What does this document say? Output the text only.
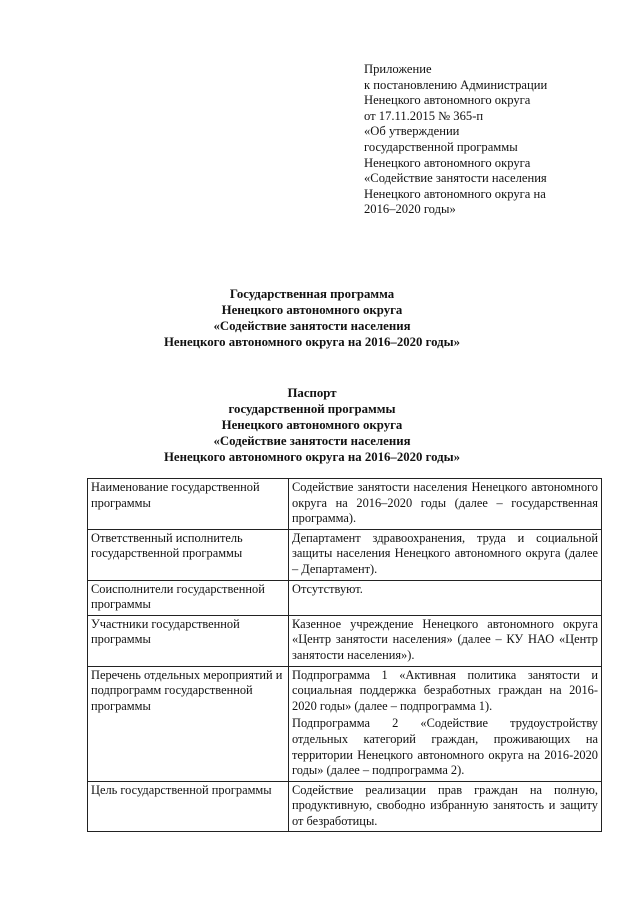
Приложение
к постановлению Администрации
Ненецкого автономного округа
от 17.11.2015 № 365-п
«Об утверждении
государственной программы
Ненецкого автономного округа
«Содействие занятости населения
Ненецкого автономного округа на
2016–2020 годы»
Государственная программа
Ненецкого автономного округа
«Содействие занятости населения
Ненецкого автономного округа на 2016–2020 годы»
Паспорт
государственной программы
Ненецкого автономного округа
«Содействие занятости населения
Ненецкого автономного округа на 2016–2020 годы»
Наименование государственной программы	Содействие занятости населения Ненецкого автономного округа на 2016–2020 годы (далее – государственная программа).

Ответственный исполнитель государственной программы	Департамент здравоохранения, труда и социальной защиты населения Ненецкого автономного округа (далее – Департамент).

Соисполнители государственной программы	Отсутствуют.

Участники государственной программы	Казенное учреждение Ненецкого автономного округа «Центр занятости населения» (далее – КУ НАО «Центр занятости населения»).

Перечень отдельных мероприятий и подпрограмм государственной программы	Подпрограмма 1 «Активная политика занятости и социальная поддержка безработных граждан на 2016-2020 годы» (далее – подпрограмма 1).

Подпрограмма 2 «Содействие трудоустройству отдельных категорий граждан, проживающих на территории Ненецкого автономного округа на 2016-2020 годы» (далее – подпрограмма 2).

Цель государственной программы	Содействие реализации прав граждан на полную, продуктивную, свободно избранную занятость и защиту от безработицы.
